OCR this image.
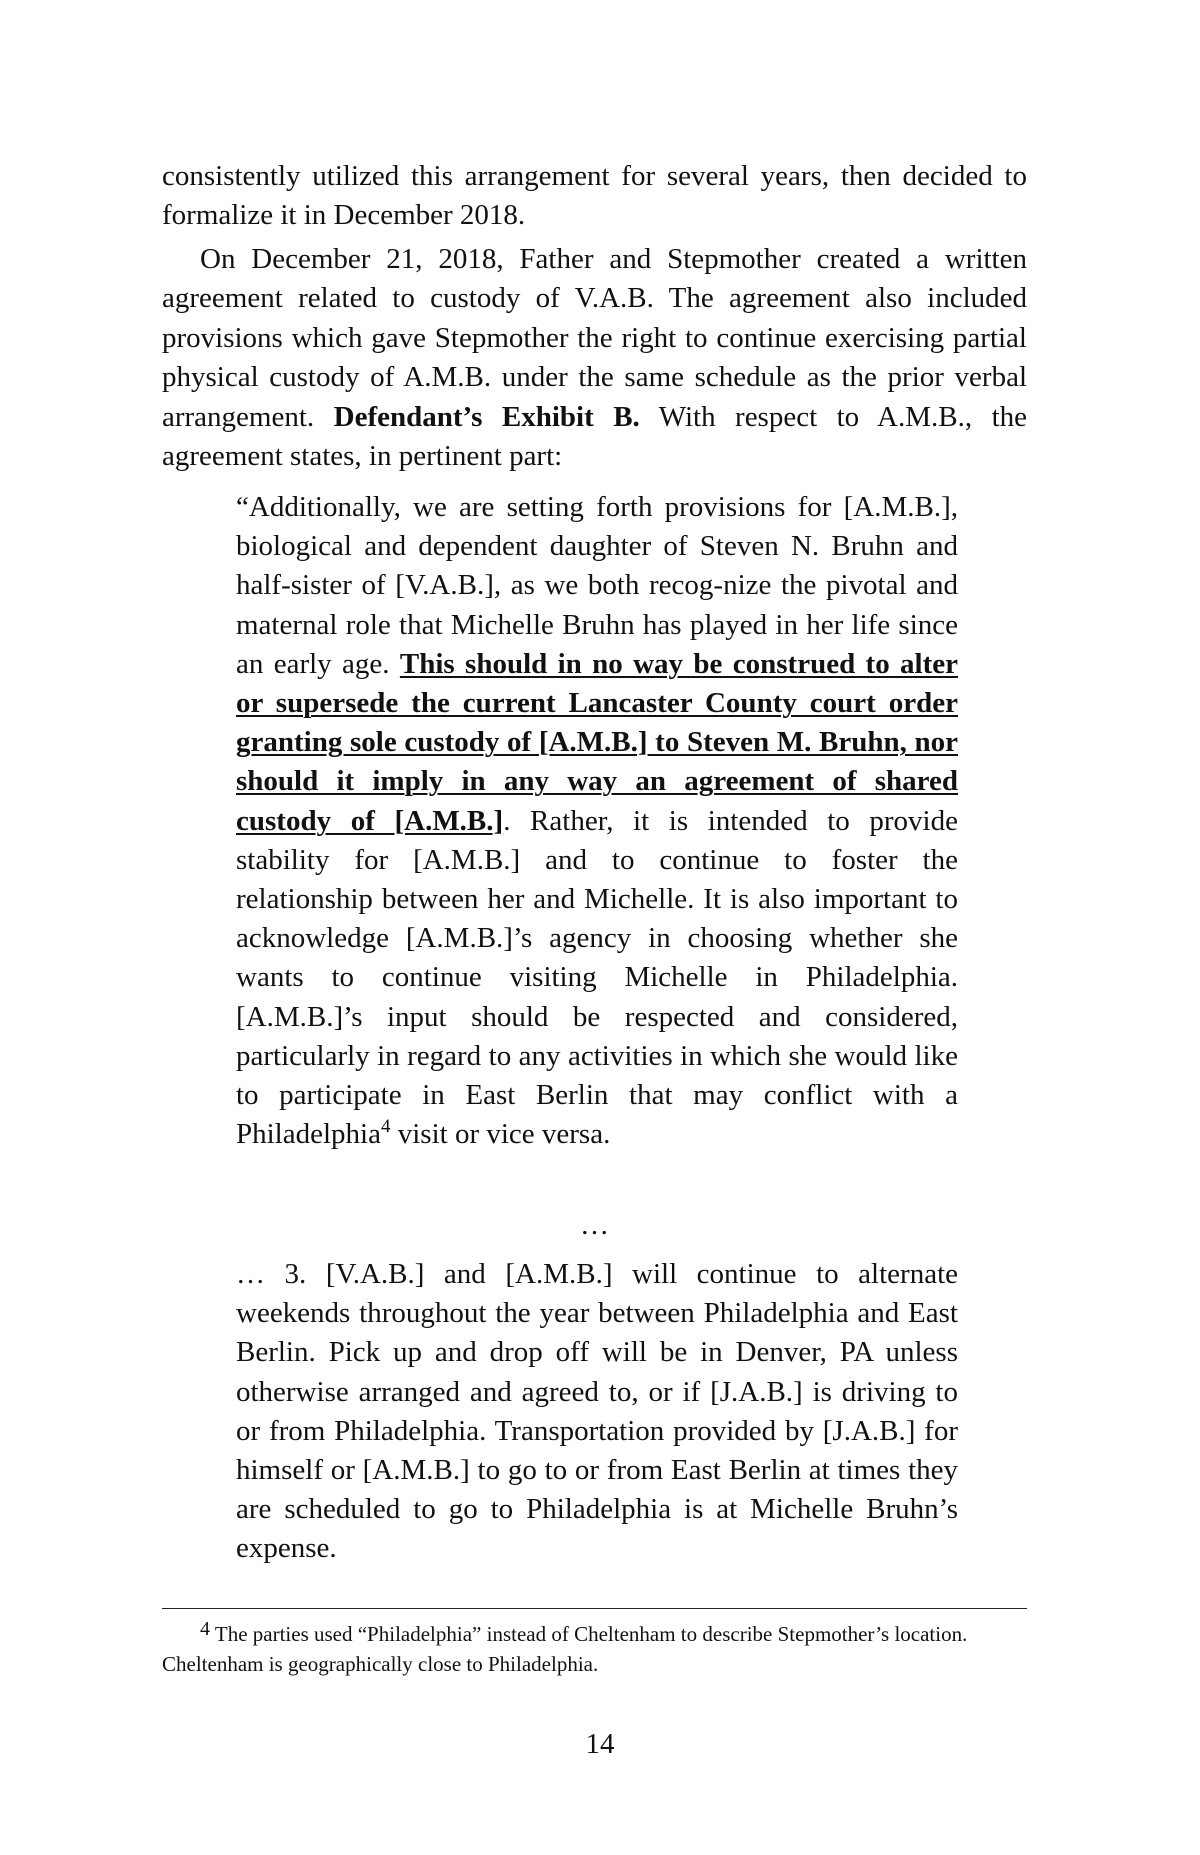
consistently utilized this arrangement for several years, then decided to formalize it in December 2018.

On December 21, 2018, Father and Stepmother created a written agreement related to custody of V.A.B. The agreement also included provisions which gave Stepmother the right to continue exercising partial physical custody of A.M.B. under the same schedule as the prior verbal arrangement. Defendant’s Exhibit B. With respect to A.M.B., the agreement states, in pertinent part:

“Additionally, we are setting forth provisions for [A.M.B.], biological and dependent daughter of Steven N. Bruhn and half-sister of [V.A.B.], as we both recog-nize the pivotal and maternal role that Michelle Bruhn has played in her life since an early age. This should in no way be construed to alter or supersede the current Lancaster County court order granting sole custody of [A.M.B.] to Steven M. Bruhn, nor should it imply in any way an agreement of shared custody of [A.M.B.]. Rather, it is intended to provide stability for [A.M.B.] and to continue to foster the relationship between her and Michelle. It is also important to acknowledge [A.M.B.]’s agency in choosing whether she wants to continue visiting Michelle in Philadelphia. [A.M.B.]’s input should be respected and considered, particularly in regard to any activities in which she would like to participate in East Berlin that may conflict with a Philadelphia$^4$ visit or vice versa.

…

… 3. [V.A.B.] and [A.M.B.] will continue to alternate weekends throughout the year between Philadelphia and East Berlin. Pick up and drop off will be in Denver, PA unless otherwise arranged and agreed to, or if [J.A.B.] is driving to or from Philadelphia. Transportation provided by [J.A.B.] for himself or [A.M.B.] to go to or from East Berlin at times they are scheduled to go to Philadelphia is at Michelle Bruhn’s expense.

4 The parties used “Philadelphia” instead of Cheltenham to describe Stepmother’s location. Cheltenham is geographically close to Philadelphia.

14
